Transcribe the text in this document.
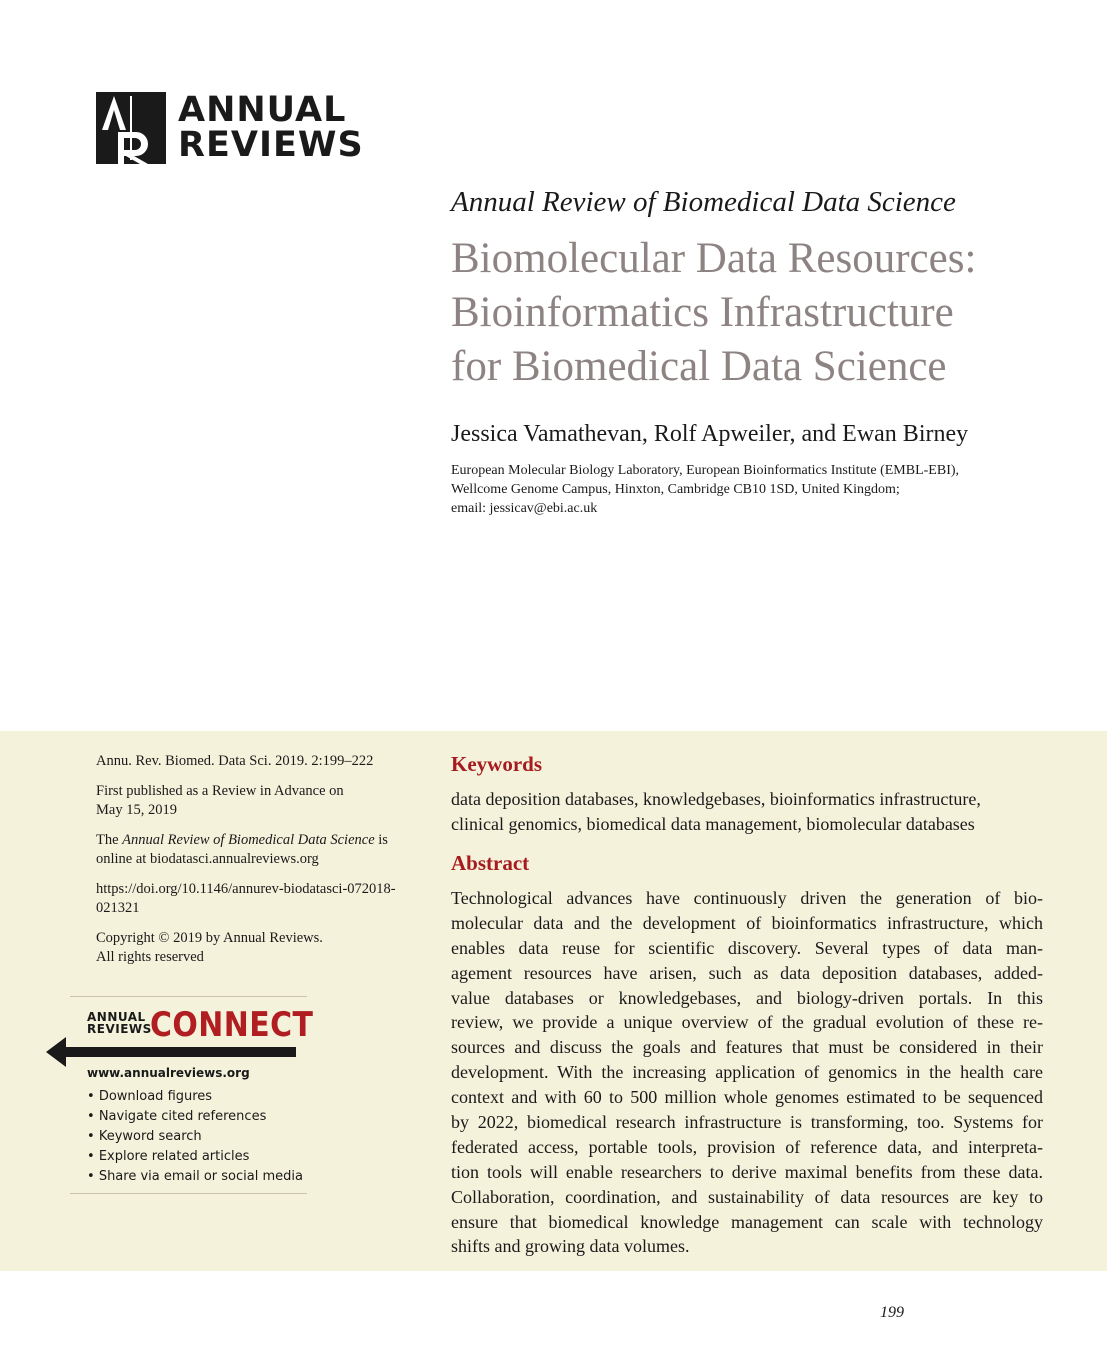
ANNUAL
REVIEWS
Annual Review of Biomedical Data Science
Biomolecular Data Resources:
Bioinformatics Infrastructure
for Biomedical Data Science
Jessica Vamathevan, Rolf Apweiler, and Ewan Birney
European Molecular Biology Laboratory, European Bioinformatics Institute (EMBL-EBI),
Wellcome Genome Campus, Hinxton, Cambridge CB10 1SD, United Kingdom;
email: jessicav@ebi.ac.uk

Annu. Rev. Biomed. Data Sci. 2019. 2:199–222

First published as a Review in Advance on
May 15, 2019

The Annual Review of Biomedical Data Science is
online at biodatasci.annualreviews.org

https://doi.org/10.1146/annurev-biodatasci-072018-
021321

Copyright © 2019 by Annual Reviews.
All rights reserved

ANNUAL
REVIEWS
CONNECT
www.annualreviews.org
• Download figures
• Navigate cited references
• Keyword search
• Explore related articles
• Share via email or social media
Keywords
data deposition databases, knowledgebases, bioinformatics infrastructure,
clinical genomics, biomedical data management, biomolecular databases
Abstract
Technological advances have continuously driven the generation of bio-
molecular data and the development of bioinformatics infrastructure, which
enables data reuse for scientific discovery. Several types of data man-
agement resources have arisen, such as data deposition databases, added-
value databases or knowledgebases, and biology-driven portals. In this
review, we provide a unique overview of the gradual evolution of these re-
sources and discuss the goals and features that must be considered in their
development. With the increasing application of genomics in the health care
context and with 60 to 500 million whole genomes estimated to be sequenced
by 2022, biomedical research infrastructure is transforming, too. Systems for
federated access, portable tools, provision of reference data, and interpreta-
tion tools will enable researchers to derive maximal benefits from these data.
Collaboration, coordination, and sustainability of data resources are key to
ensure that biomedical knowledge management can scale with technology
shifts and growing data volumes.
199
